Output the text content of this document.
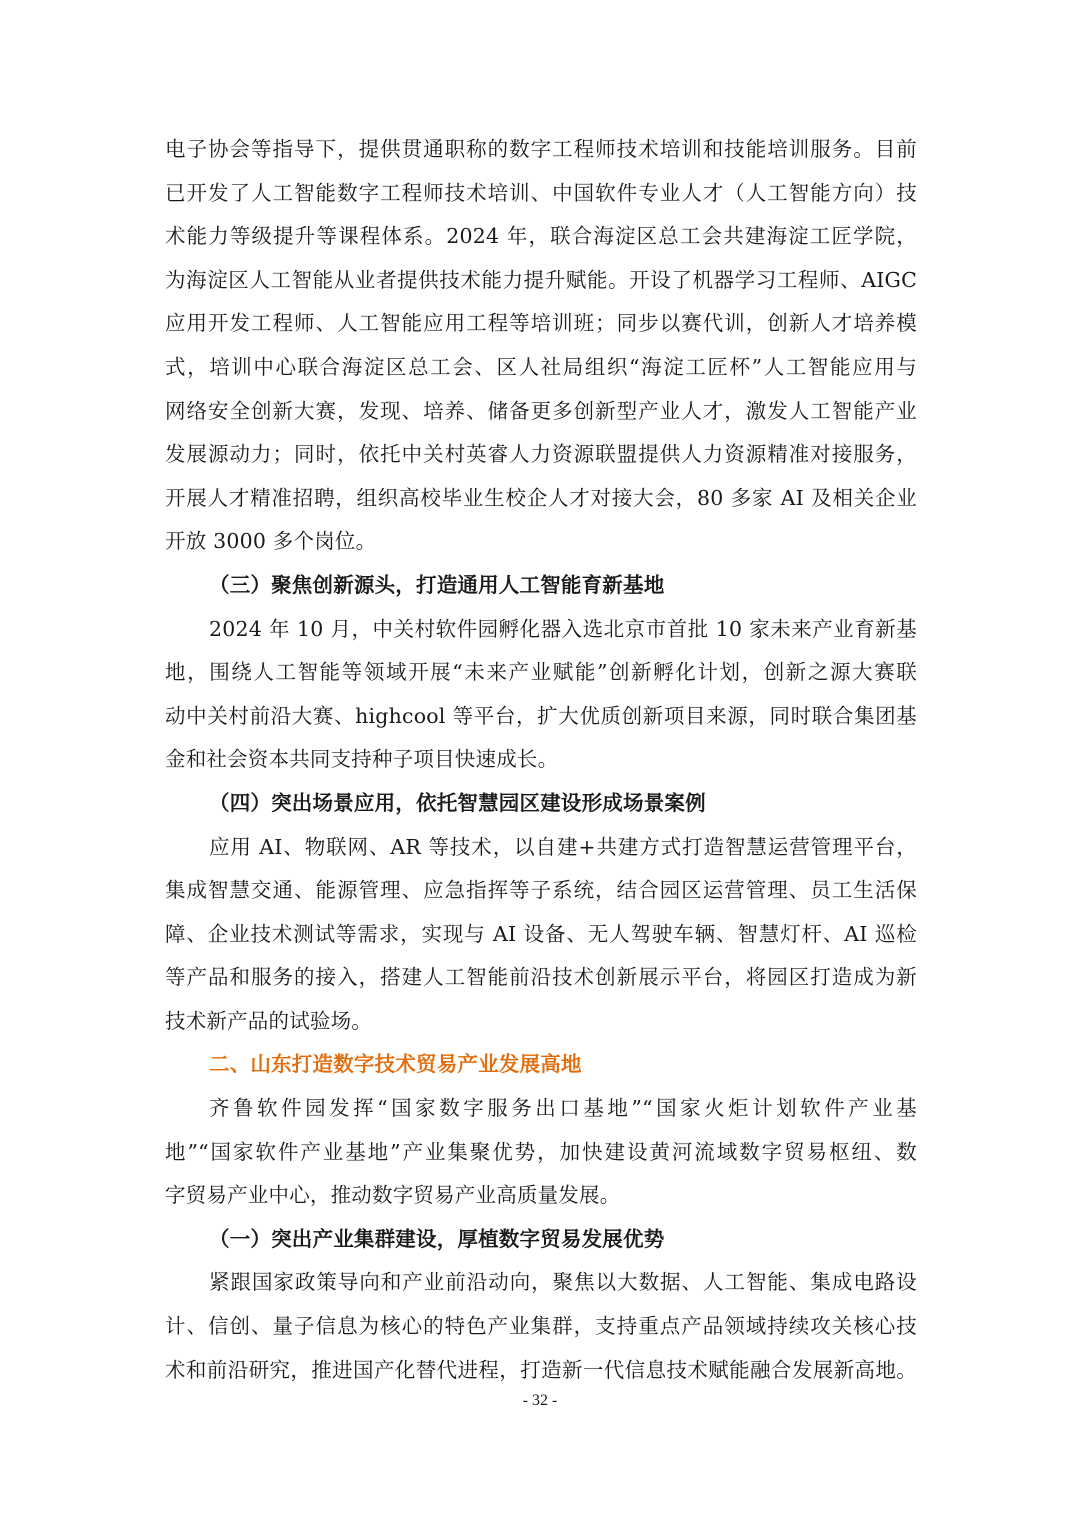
电子协会等指导下，提供贯通职称的数字工程师技术培训和技能培训服务。目前
已开发了人工智能数字工程师技术培训、中国软件专业人才（人工智能方向）技
术能力等级提升等课程体系。2024 年，联合海淀区总工会共建海淀工匠学院，
为海淀区人工智能从业者提供技术能力提升赋能。开设了机器学习工程师、AIGC
应用开发工程师、人工智能应用工程等培训班；同步以赛代训，创新人才培养模
式，培训中心联合海淀区总工会、区人社局组织“海淀工匠杯”人工智能应用与
网络安全创新大赛，发现、培养、储备更多创新型产业人才，激发人工智能产业
发展源动力；同时，依托中关村英睿人力资源联盟提供人力资源精准对接服务，
开展人才精准招聘，组织高校毕业生校企人才对接大会，80 多家 AI 及相关企业
开放 3000 多个岗位。
（三）聚焦创新源头，打造通用人工智能育新基地
2024 年 10 月，中关村软件园孵化器入选北京市首批 10 家未来产业育新基
地，围绕人工智能等领域开展“未来产业赋能”创新孵化计划，创新之源大赛联
动中关村前沿大赛、highcool 等平台，扩大优质创新项目来源，同时联合集团基
金和社会资本共同支持种子项目快速成长。
（四）突出场景应用，依托智慧园区建设形成场景案例
应用 AI、物联网、AR 等技术，以自建+共建方式打造智慧运营管理平台，
集成智慧交通、能源管理、应急指挥等子系统，结合园区运营管理、员工生活保
障、企业技术测试等需求，实现与 AI 设备、无人驾驶车辆、智慧灯杆、AI 巡检
等产品和服务的接入，搭建人工智能前沿技术创新展示平台，将园区打造成为新
技术新产品的试验场。
二、山东打造数字技术贸易产业发展高地
齐鲁软件园发挥“国家数字服务出口基地”“国家火炬计划软件产业基
地”“国家软件产业基地”产业集聚优势，加快建设黄河流域数字贸易枢纽、数
字贸易产业中心，推动数字贸易产业高质量发展。
（一）突出产业集群建设，厚植数字贸易发展优势
紧跟国家政策导向和产业前沿动向，聚焦以大数据、人工智能、集成电路设
计、信创、量子信息为核心的特色产业集群，支持重点产品领域持续攻关核心技
术和前沿研究，推进国产化替代进程，打造新一代信息技术赋能融合发展新高地。
- 32 -
